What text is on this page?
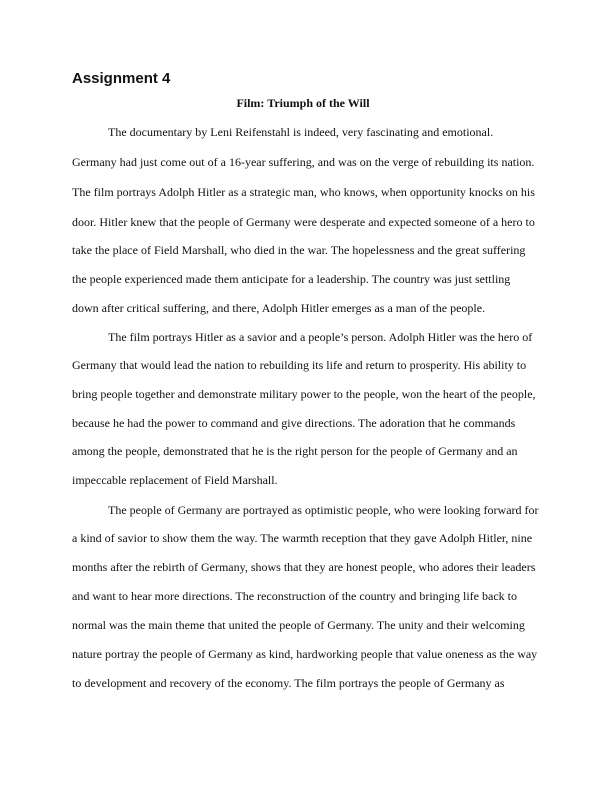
Assignment 4
Film: Triumph of the Will

The documentary by Leni Reifenstahl is indeed, very fascinating and emotional.

Germany had just come out of a 16-year suffering, and was on the verge of rebuilding its nation.

The film portrays Adolph Hitler as a strategic man, who knows, when opportunity knocks on his

door. Hitler knew that the people of Germany were desperate and expected someone of a hero to

take the place of Field Marshall, who died in the war. The hopelessness and the great suffering

the people experienced made them anticipate for a leadership. The country was just settling

down after critical suffering, and there, Adolph Hitler emerges as a man of the people.

The film portrays Hitler as a savior and a people’s person. Adolph Hitler was the hero of

Germany that would lead the nation to rebuilding its life and return to prosperity. His ability to

bring people together and demonstrate military power to the people, won the heart of the people,

because he had the power to command and give directions. The adoration that he commands

among the people, demonstrated that he is the right person for the people of Germany and an

impeccable replacement of Field Marshall.

The people of Germany are portrayed as optimistic people, who were looking forward for

a kind of savior to show them the way. The warmth reception that they gave Adolph Hitler, nine

months after the rebirth of Germany, shows that they are honest people, who adores their leaders

and want to hear more directions. The reconstruction of the country and bringing life back to

normal was the main theme that united the people of Germany. The unity and their welcoming

nature portray the people of Germany as kind, hardworking people that value oneness as the way

to development and recovery of the economy. The film portrays the people of Germany as
